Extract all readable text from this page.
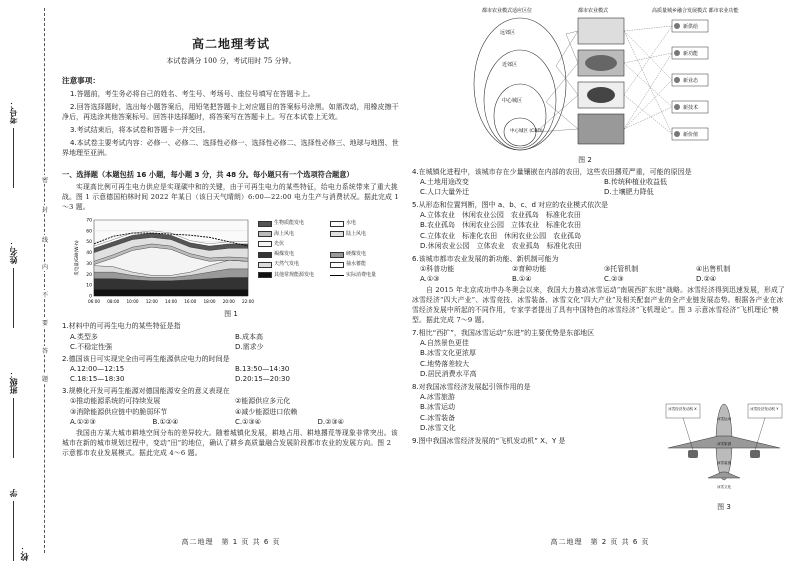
考号：
姓名：
班级：
学校：
密
封
线
内
不
要
答
题
高二地理考试
本试卷满分 100 分，考试用时 75 分钟。
注意事项：

1.答题前，考生务必将自己的姓名、考生号、考场号、座位号填写在答题卡上。

2.回答选择题时，选出每小题答案后，用铅笔把答题卡上对应题目的答案标号涂黑。如需改动，用橡皮擦干净后，再选涂其他答案标号。回答非选择题时，将答案写在答题卡上。写在本试卷上无效。

3.考试结束后，将本试卷和答题卡一并交回。

4.本试卷主要考试内容：必修一、必修二、选择性必修一、选择性必修二、选择性必修三、地球与地图、世界地理至亚洲。

一、选择题（本题包括 16 小题，每小题 3 分，共 48 分。每小题只有一个选项符合题意）
实现高比例可再生电力供应是实现碳中和的关键，由于可再生电力的某些特征，给电力系统带来了重大挑战。图 1 示意德国柏林时间 2022 年某日（该日天气晴朗）6:00—22:00 电力生产与消费状况。据此完成 1～3 题。
0
10
20
30
40
50
60
70
06:00 08:00 10:00 12:00 14:00 16:00 18:00 20:00 22:00
发电量/GW(W·h)
生物质能发电	水电
海上风电	陆上风电
光伏
褐煤发电	硬煤发电
天然气发电	抽水蓄能
其他常规能源发电	实际消费电量
图 1
1.材料中的可再生电力的某些特征是指
A.类型多	B.成本高
C.不稳定性强	D.需求少
2.德国该日可实现完全由可再生能源供应电力的时间是
A.12:00—12:15	B.13:50—14:30
C.18:15—18:30	D.20:15—20:30
3.规模化开发可再生能源对德国能源安全的意义表现在
①推动能源系统的可持续发展	②能源供应多元化
③消除能源供应链中的脆弱环节	④减少能源进口依赖
A.①②③	B.①②④	C.①③④	D.②③④
我国由方某大城市耕地空间分布的差异较大。随着城镇化发展，耕地占用、耕地撂荒等现象非常突出。该城市在新的城市规划过程中，变动“田”的地位，确认了耕乡高质量融合发展阶段都市农业的发展方向。图 2 示意都市农业发展模式。据此完成 4～6 题。
高二地理　第 1 页 共 6 页
都市农业模式适应区位	都市农业模式	高质量城乡融合发展模式 都市农业功能
远郊区
近郊区
中心城区
中心城区 (CBD)
新供给
新功能
新业态
新技术
新价值
图 2
4.在城镇化进程中，该城市存在少量镶嵌在内部的农田，这些农田撂荒严重，可能的原因是
A.土地用途改变	B.传统种植业收益低
C.人口大量外迁	D.土壤肥力降低
5.从形态和位置判断，图中 a、b、c、d 对应的农业模式依次是
A.立体农业　休闲农业公园　农业孤岛　标准化农田
B.农业孤岛　休闲农业公园　立体农业　标准化农田
C.立体农业　标准化农田　休闲农业公园　农业孤岛
D.休闲农业公园　立体农业　农业孤岛　标准化农田
6.该城市都市农业发展的新功能、新机制可能为
①科普功能	②育种功能	③托管机制	④出售机制
A.①③	B.①④	C.②③	D.②④
自 2015 年北京成功申办冬奥会以来，我国大力推动冰雪运动“南展西扩东进”战略。冰雪经济得到迅速发展，形成了冰雪经济“四大产业”、冰雪竞技、冰雪装备、冰雪文化“四大产业”及相关配套产业的全产业链发展态势。根据各产业在冰雪经济发展中所起的不同作用，专家学者提出了具有中国特色的冰雪经济“飞机理论”。图 3 示意冰雪经济“飞机理论”模型。据此完成 7～9 题。
7.相比“西扩”，我国冰雪运动“东进”的主要优势是东部地区
A.自然景色更佳
B.冰雪文化更浓厚
C.地势落差较大
D.居民消费水平高
8.对我国冰雪经济发展起引领作用的是
A.冰雪旅游
B.冰雪运动
C.冰雪装备
D.冰雪文化
9.图中我国冰雪经济发展的“飞机发动机” X、Y 是
冰雪经济发动机 X	冰雪经济发动机 Y
冰雪运动
冰雪旅游
冰雪装备
冰雪文化
图 3
高二地理　第 2 页 共 6 页
